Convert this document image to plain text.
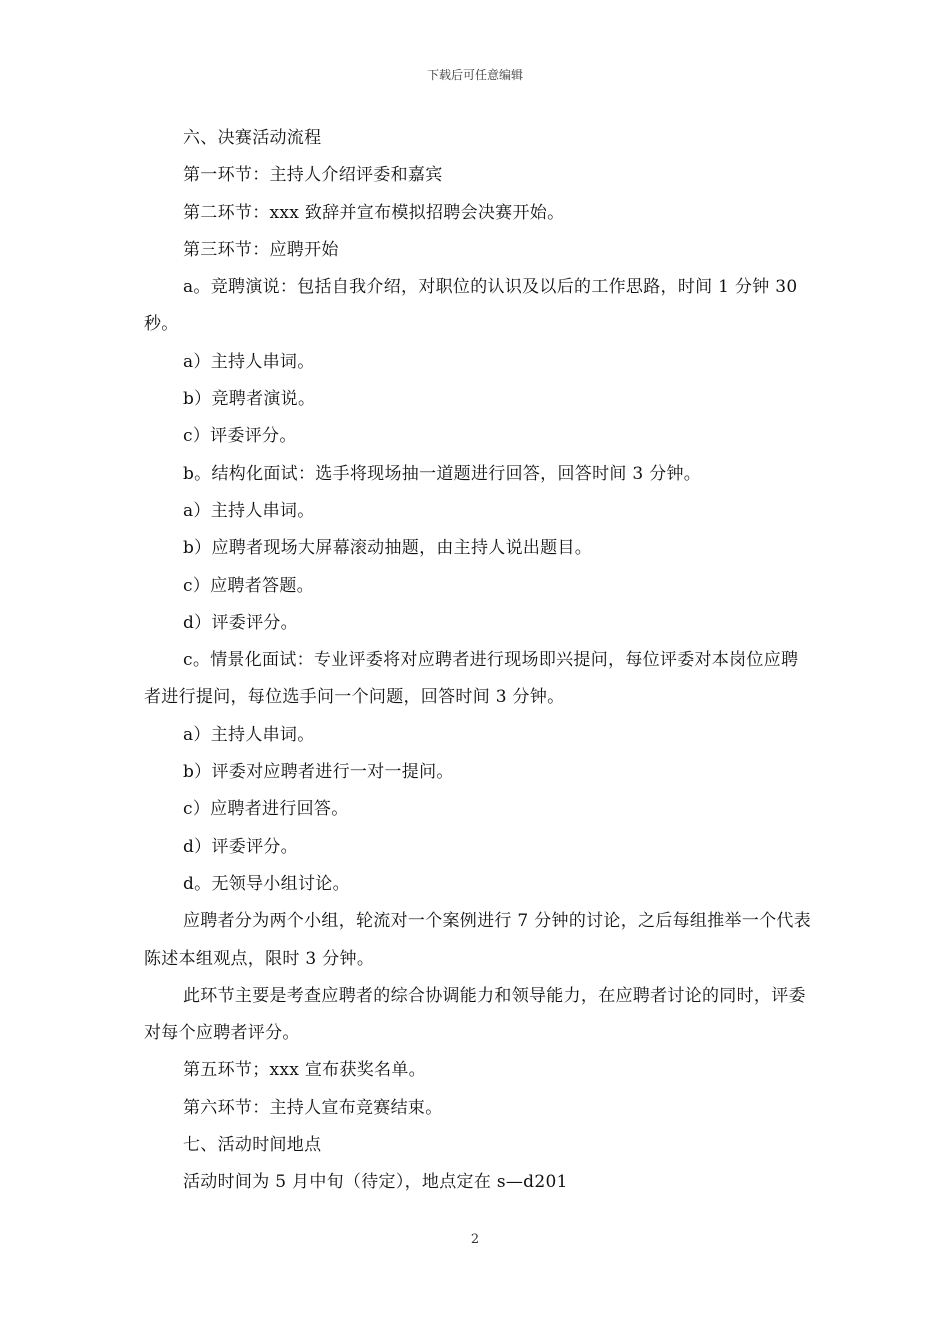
下载后可任意编辑

六、决赛活动流程

第一环节：主持人介绍评委和嘉宾

第二环节：xxx 致辞并宣布模拟招聘会决赛开始。

第三环节：应聘开始

a。竞聘演说：包括自我介绍，对职位的认识及以后的工作思路，时间 1 分钟 30 秒。

a）主持人串词。

b）竞聘者演说。

c）评委评分。

b。结构化面试：选手将现场抽一道题进行回答，回答时间 3 分钟。

a）主持人串词。

b）应聘者现场大屏幕滚动抽题，由主持人说出题目。

c）应聘者答题。

d）评委评分。

c。情景化面试：专业评委将对应聘者进行现场即兴提问，每位评委对本岗位应聘者进行提问，每位选手问一个问题，回答时间 3 分钟。

a）主持人串词。

b）评委对应聘者进行一对一提问。

c）应聘者进行回答。

d）评委评分。

d。无领导小组讨论。

应聘者分为两个小组，轮流对一个案例进行 7 分钟的讨论，之后每组推举一个代表陈述本组观点，限时 3 分钟。

此环节主要是考查应聘者的综合协调能力和领导能力，在应聘者讨论的同时，评委对每个应聘者评分。

第五环节；xxx 宣布获奖名单。

第六环节：主持人宣布竞赛结束。

七、活动时间地点

活动时间为 5 月中旬（待定），地点定在 s—d201

2
